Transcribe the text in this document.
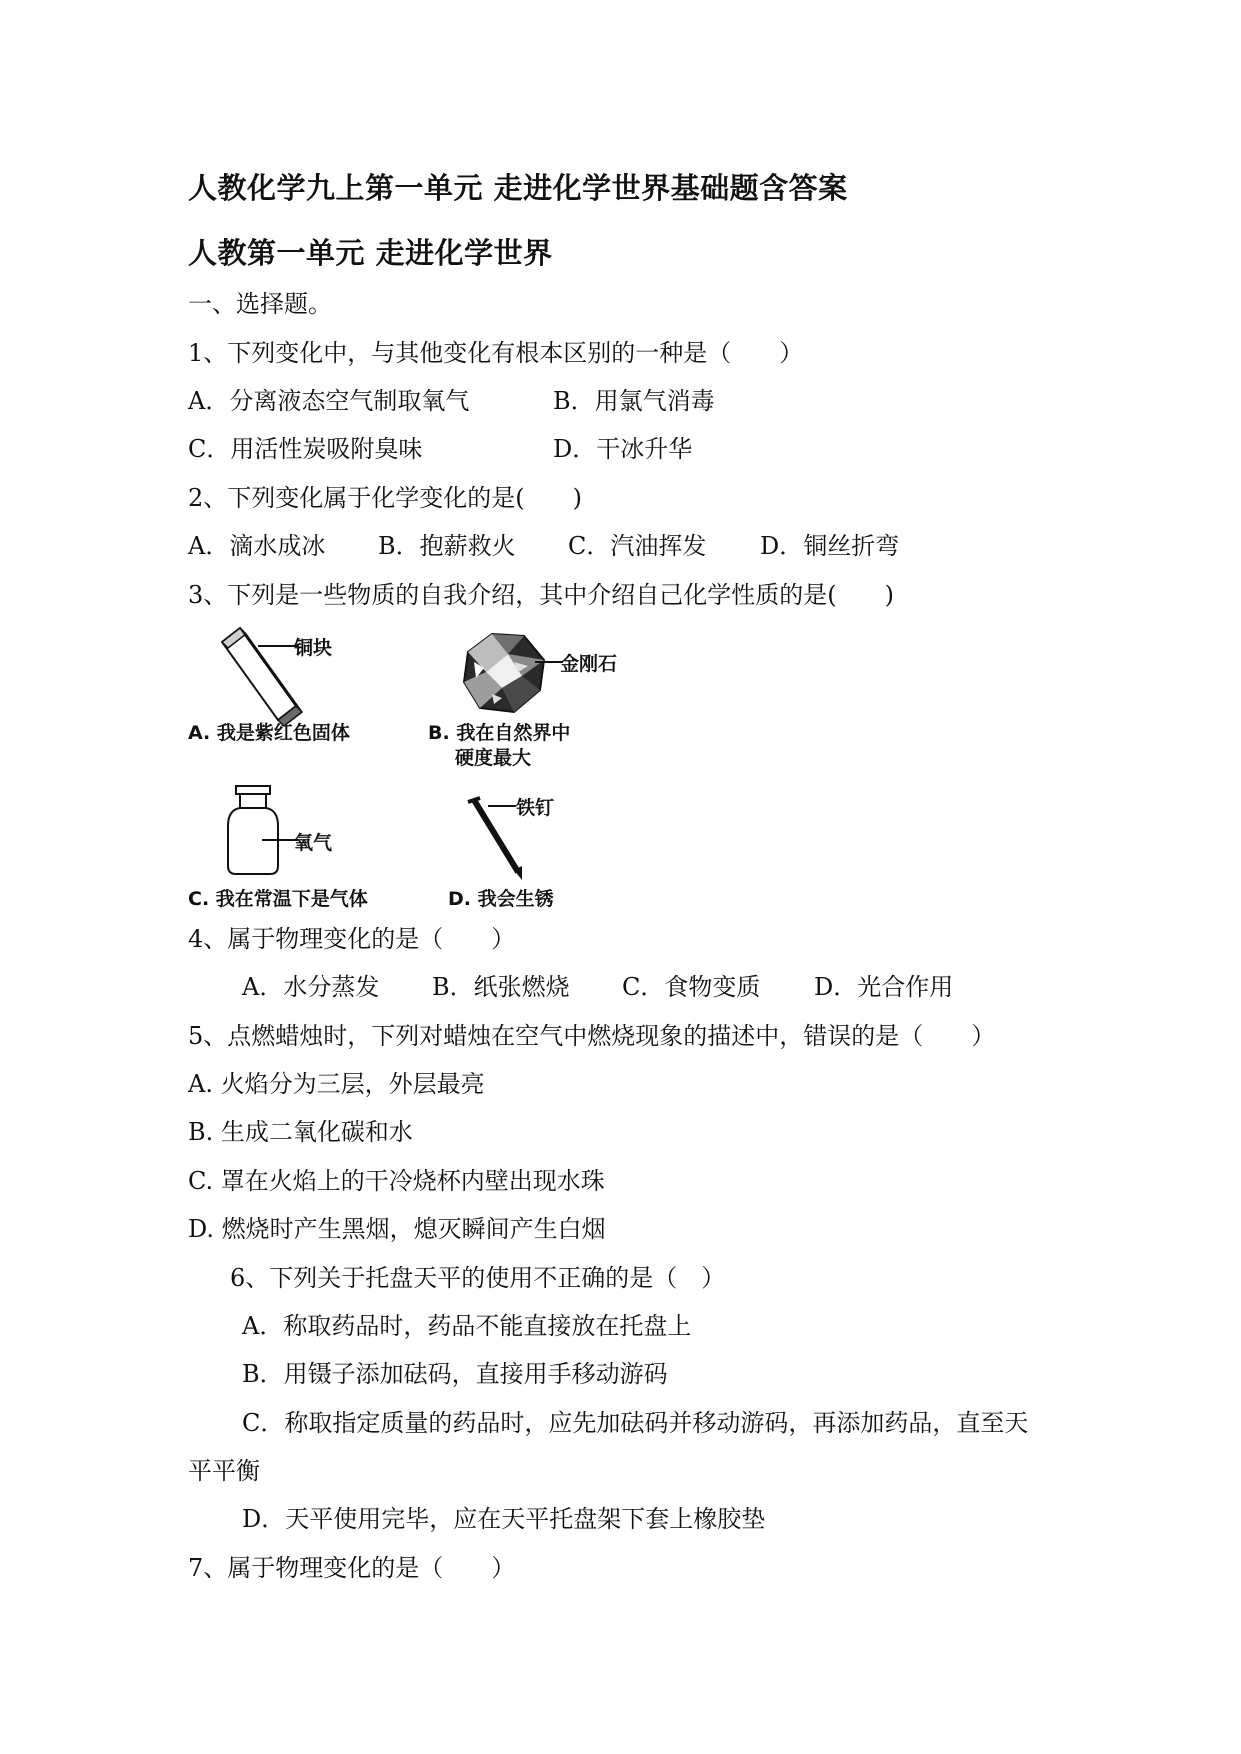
人教化学九上第一单元 走进化学世界基础题含答案
人教第一单元 走进化学世界
一、选择题。
1、下列变化中，与其他变化有根本区别的一种是（　　）
A．分离液态空气制取氧气	B．用氯气消毒
C．用活性炭吸附臭味	D．干冰升华
2、下列变化属于化学变化的是(　　)
A．滴水成冰 B．抱薪救火 C．汽油挥发 D．铜丝折弯
3、下列是一些物质的自我介绍，其中介绍自己化学性质的是(　　)
铜块
A. 我是紫红色固体
金刚石
B. 我在自然界中
硬度最大
氧气
C. 我在常温下是气体
铁钉
D. 我会生锈
4、属于物理变化的是（　　）
A．水分蒸发 B．纸张燃烧 C．食物变质 D．光合作用
5、点燃蜡烛时，下列对蜡烛在空气中燃烧现象的描述中，错误的是（　　）
A. 火焰分为三层，外层最亮
B. 生成二氧化碳和水
C. 罩在火焰上的干冷烧杯内壁出现水珠
D. 燃烧时产生黑烟，熄灭瞬间产生白烟
6、下列关于托盘天平的使用不正确的是（　）
A．称取药品时，药品不能直接放在托盘上
B．用镊子添加砝码，直接用手移动游码
C．称取指定质量的药品时，应先加砝码并移动游码，再添加药品，直至天
平平衡
D．天平使用完毕，应在天平托盘架下套上橡胶垫
7、属于物理变化的是（　　）
